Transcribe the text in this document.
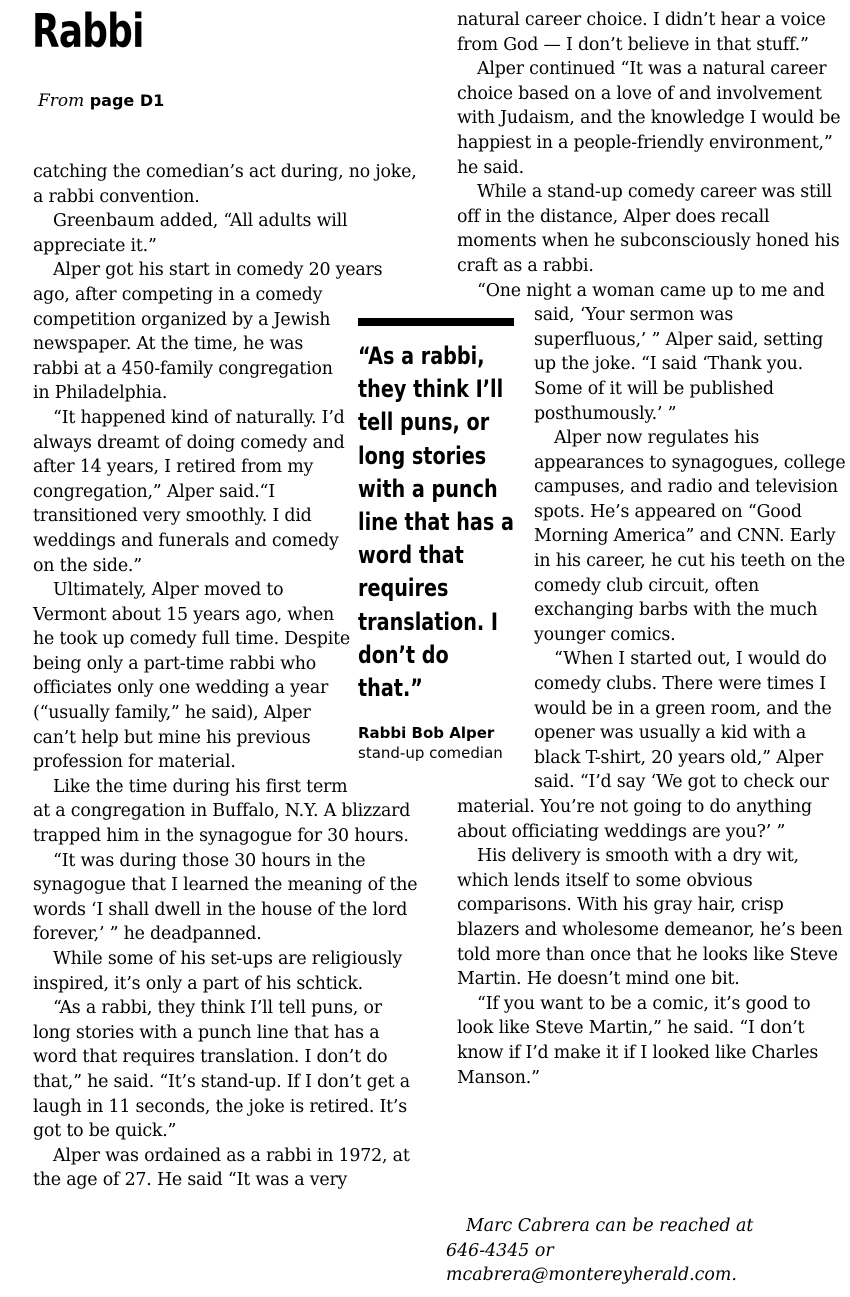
Rabbi
From page D1

catching the comedian’s act during, no joke, a rabbi convention.

Greenbaum added, “All adults will appreciate it.”

Alper got his start in comedy 20 years ago, after competing in a comedy competition organized by a Jewish newspaper. At the time, he was rabbi at a 450-family congregation in Philadelphia.

“It happened kind of naturally. I’d always dreamt of doing comedy and after 14 years, I retired from my congregation,” Alper said.“I transitioned very smoothly. I did weddings and funerals and comedy on the side.”

Ultimately, Alper moved to Vermont about 15 years ago, when he took up comedy full time. Despite being only a part-time rabbi who officiates only one wedding a year (“usually family,” he said), Alper can’t help but mine his previous profession for material.

Like the time during his first term at a congregation in Buffalo, N.Y. A blizzard trapped him in the synagogue for 30 hours.

“It was during those 30 hours in the synagogue that I learned the meaning of the words ‘I shall dwell in the house of the lord forever,’ ” he deadpanned.

While some of his set-ups are religiously inspired, it’s only a part of his schtick.

“As a rabbi, they think I’ll tell puns, or long stories with a punch line that has a word that requires translation. I don’t do that,” he said. “It’s stand-up. If I don’t get a laugh in 11 seconds, the joke is retired. It’s got to be quick.”

Alper was ordained as a rabbi in 1972, at the age of 27. He said “It was a very

“As a rabbi, they think I’ll tell puns, or long stories with a punch line that has a word that requires translation. I don’t do that.”

Rabbi Bob Alper
stand-up comedian

natural career choice. I didn’t hear a voice from God — I don’t believe in that stuff.”

Alper continued “It was a natural career choice based on a love of and involvement with Judaism, and the knowledge I would be happiest in a people-friendly environment,” he said.

While a stand-up comedy career was still off in the distance, Alper does recall moments when he subconsciously honed his craft as a rabbi.

“One night a woman came up to me and said, ‘Your sermon was superfluous,’ ” Alper said, setting up the joke. “I said ‘Thank you. Some of it will be published posthumously.’ ”

Alper now regulates his appearances to synagogues, college campuses, and radio and television spots. He’s appeared on “Good Morning America” and CNN. Early in his career, he cut his teeth on the comedy club circuit, often exchanging barbs with the much younger comics.

“When I started out, I would do comedy clubs. There were times I would be in a green room, and the opener was usually a kid with a black T-shirt, 20 years old,” Alper said. “I’d say ‘We got to check our material. You’re not going to do anything about officiating weddings are you?’ ”

His delivery is smooth with a dry wit, which lends itself to some obvious comparisons. With his gray hair, crisp blazers and wholesome demeanor, he’s been told more than once that he looks like Steve Martin. He doesn’t mind one bit.

“If you want to be a comic, it’s good to look like Steve Martin,” he said. “I don’t know if I’d make it if I looked like Charles Manson.”

Marc Cabrera can be reached at
646-4345 or
mcabrera@montereyherald.com.
